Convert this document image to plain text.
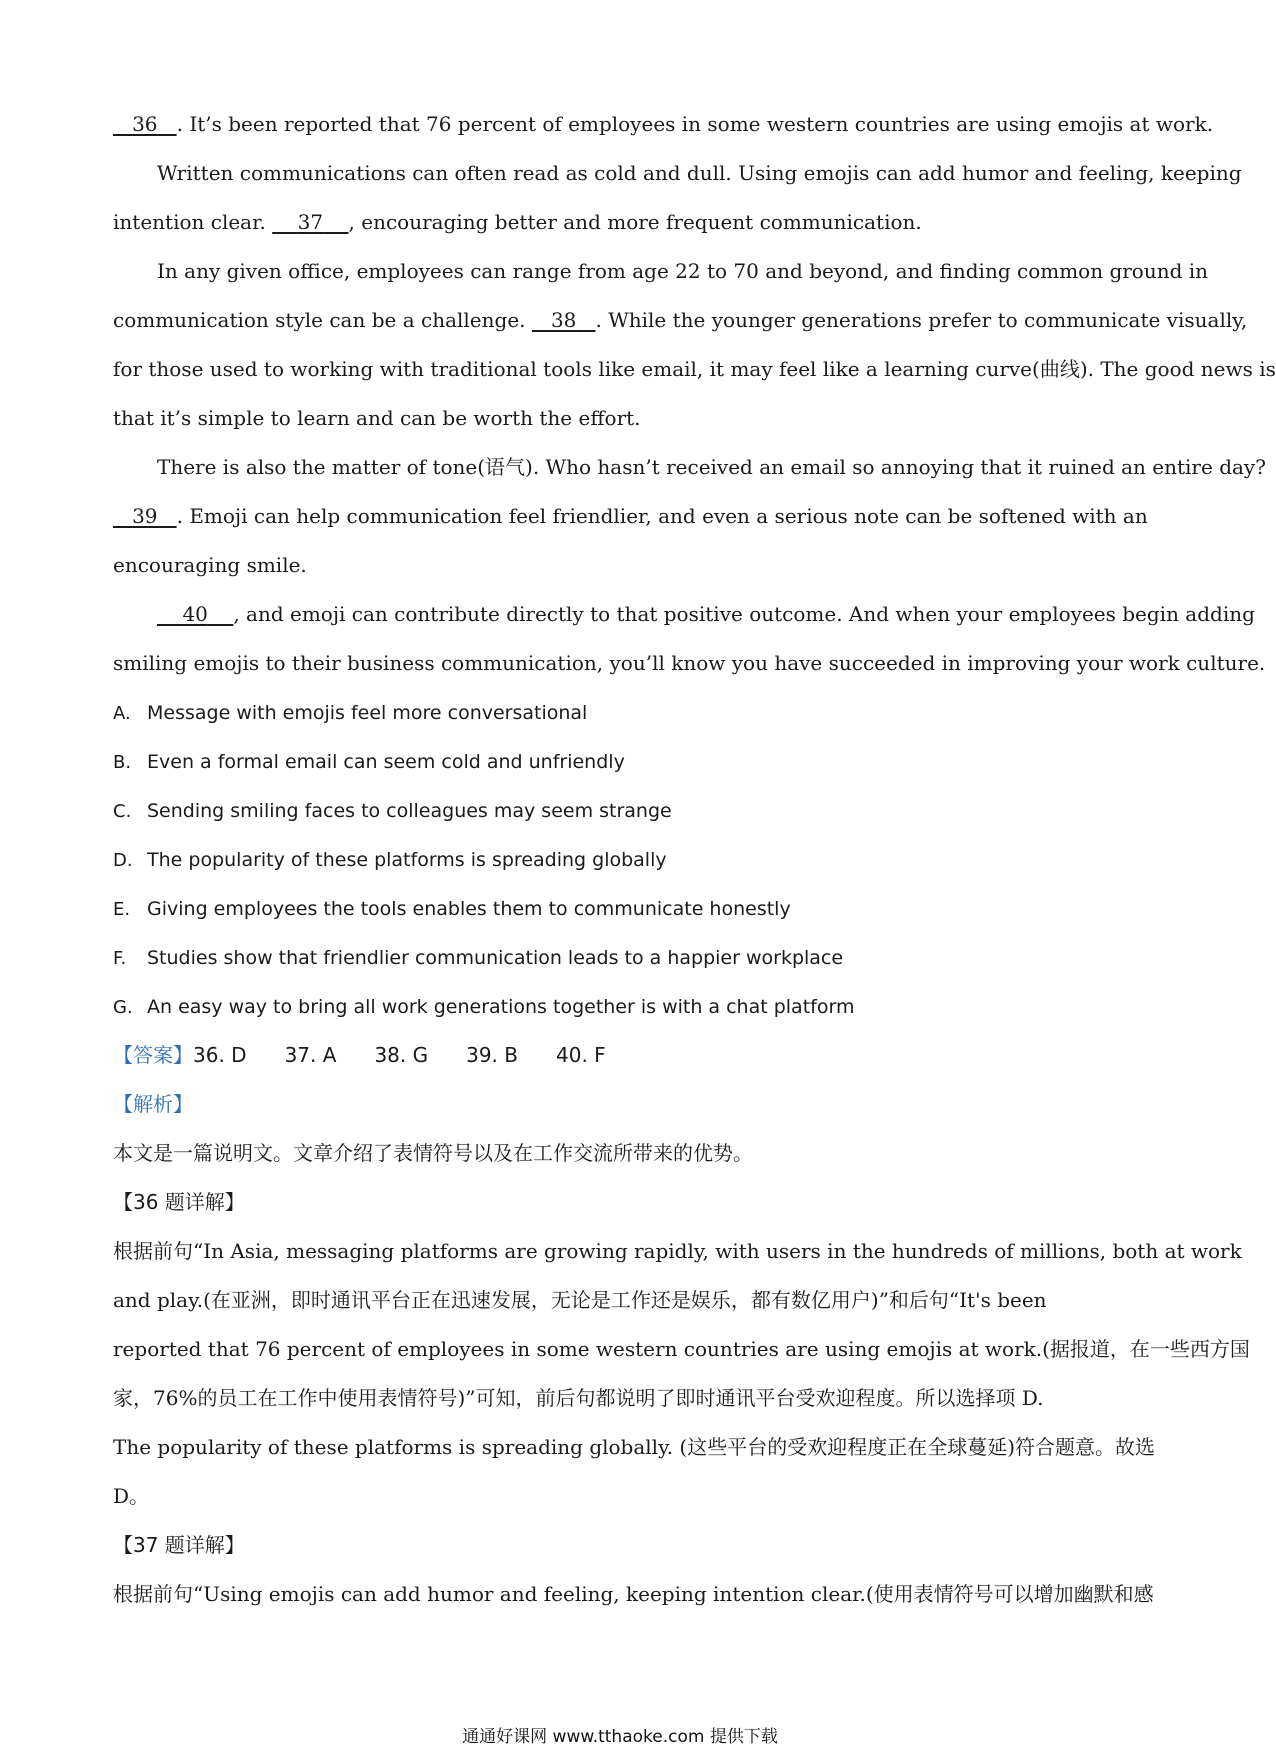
36 . It’s been reported that 76 percent of employees in some western countries are using emojis at work.
Written communications can often read as cold and dull. Using emojis can add humor and feeling, keeping
intention clear.     37 , encouraging better and more frequent communication.
In any given office, employees can range from age 22 to 70 and beyond, and finding common ground in
communication style can be a challenge.    38 . While the younger generations prefer to communicate visually,
for those used to working with traditional tools like email, it may feel like a learning curve(曲线). The good news is
that it’s simple to learn and can be worth the effort.
There is also the matter of tone(语气). Who hasn’t received an email so annoying that it ruined an entire day?
39 . Emoji can help communication feel friendlier, and even a serious note can be softened with an
encouraging smile.
40 , and emoji can contribute directly to that positive outcome. And when your employees begin adding
smiling emojis to their business communication, you’ll know you have succeeded in improving your work culture.
A. Message with emojis feel more conversational
B. Even a formal email can seem cold and unfriendly
C. Sending smiling faces to colleagues may seem strange
D. The popularity of these platforms is spreading globally
E. Giving employees the tools enables them to communicate honestly
F. Studies show that friendlier communication leads to a happier workplace
G. An easy way to bring all work generations together is with a chat platform
【答案】36. D 37. A 38. G 39. B 40. F
【解析】
本文是一篇说明文。文章介绍了表情符号以及在工作交流所带来的优势。
【36 题详解】
根据前句“In Asia, messaging platforms are growing rapidly, with users in the hundreds of millions, both at work
and play.(在亚洲，即时通讯平台正在迅速发展，无论是工作还是娱乐，都有数亿用户)”和后句“It's been
reported that 76 percent of employees in some western countries are using emojis at work.(据报道，在一些西方国
家，76%的员工在工作中使用表情符号)”可知，前后句都说明了即时通讯平台受欢迎程度。所以选择项 D.
The popularity of these platforms is spreading globally. (这些平台的受欢迎程度正在全球蔓延)符合题意。故选
D。
【37 题详解】
根据前句“Using emojis can add humor and feeling, keeping intention clear.(使用表情符号可以增加幽默和感
通通好课网 www.tthaoke.com 提供下载
